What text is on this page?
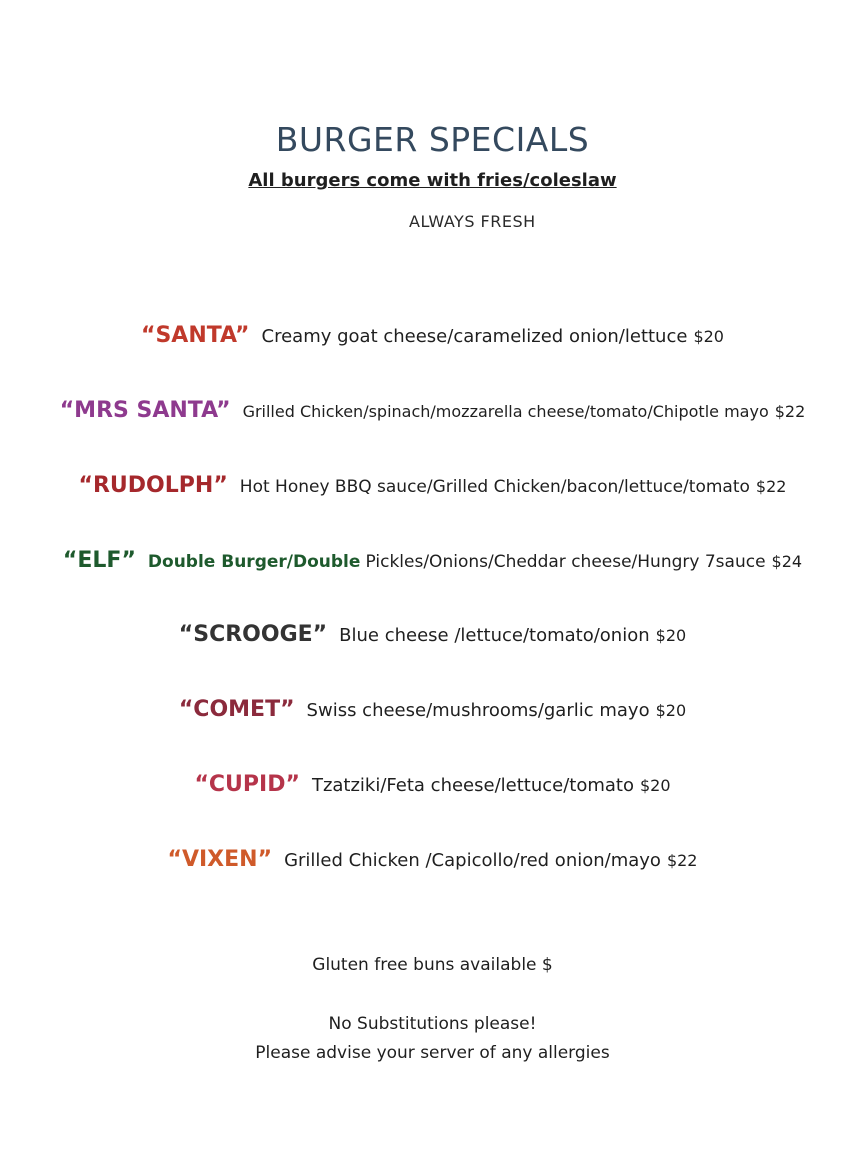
BURGER SPECIALS
All burgers come with fries/coleslaw
ALWAYS FRESH
“SANTA” Creamy goat cheese/caramelized onion/lettuce $20
“MRS SANTA” Grilled Chicken/spinach/mozzarella cheese/tomato/Chipotle mayo $22
“RUDOLPH” Hot Honey BBQ sauce/Grilled Chicken/bacon/lettuce/tomato $22
“ELF” Double Burger/Double Pickles/Onions/Cheddar cheese/Hungry 7sauce $24
“SCROOGE” Blue cheese /lettuce/tomato/onion $20
“COMET” Swiss cheese/mushrooms/garlic mayo $20
“CUPID” Tzatziki/Feta cheese/lettuce/tomato $20
“VIXEN” Grilled Chicken /Capicollo/red onion/mayo $22
Gluten free buns available $
No Substitutions please!
Please advise your server of any allergies
